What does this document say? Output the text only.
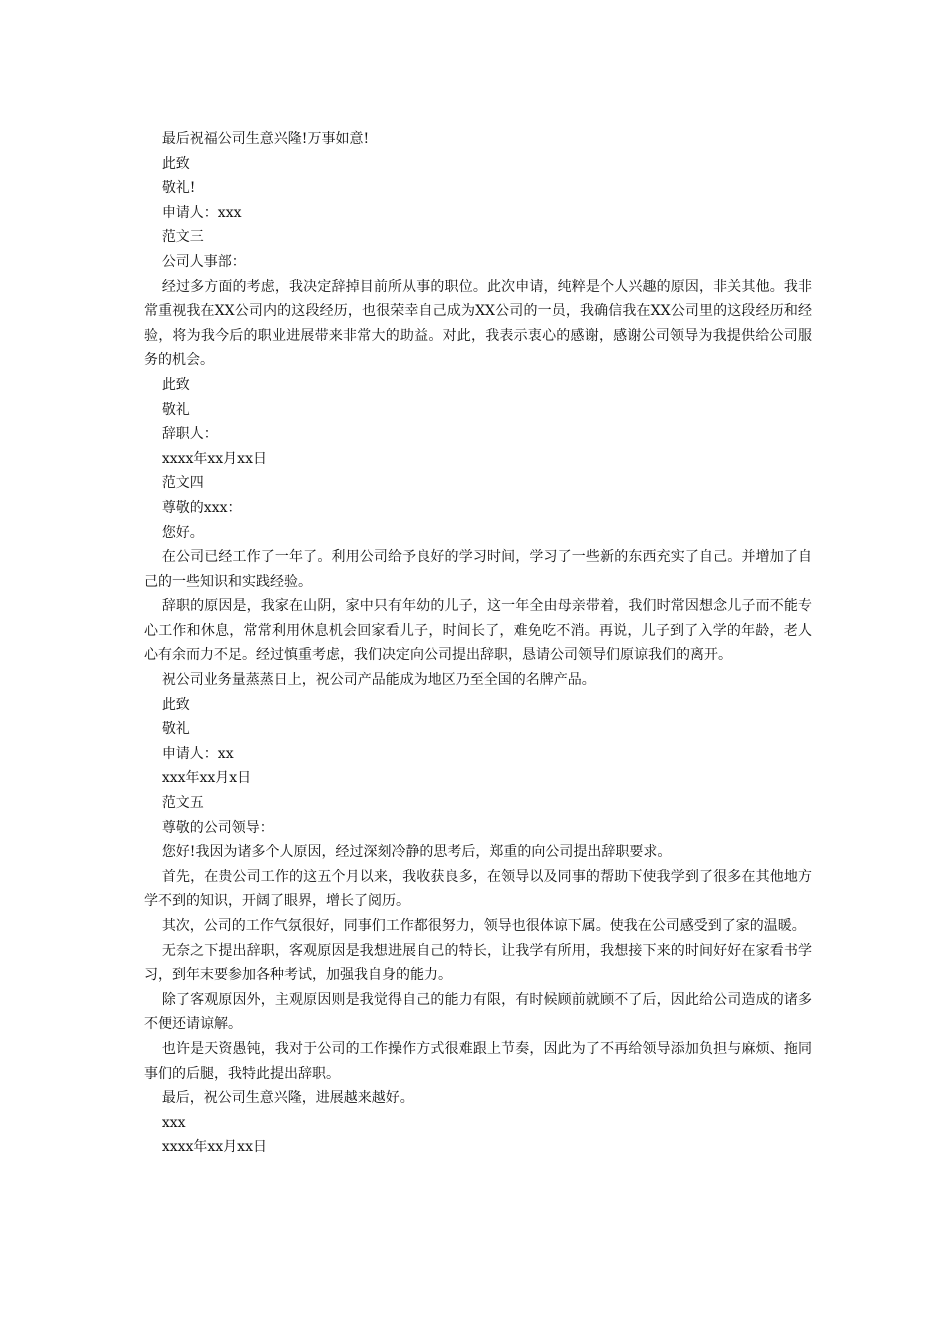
最后祝福公司生意兴隆!万事如意!

此致

敬礼!

申请人：xxx

范文三

公司人事部：

经过多方面的考虑，我决定辞掉目前所从事的职位。此次申请，纯粹是个人兴趣的原因，非关其他。我非常重视我在XX公司内的这段经历，也很荣幸自己成为XX公司的一员，我确信我在XX公司里的这段经历和经验，将为我今后的职业进展带来非常大的助益。对此，我表示衷心的感谢，感谢公司领导为我提供给公司服务的机会。

此致

敬礼

辞职人：

xxxx年xx月xx日

范文四

尊敬的xxx：

您好。

在公司已经工作了一年了。利用公司给予良好的学习时间，学习了一些新的东西充实了自己。并增加了自己的一些知识和实践经验。

辞职的原因是，我家在山阴，家中只有年幼的儿子，这一年全由母亲带着，我们时常因想念儿子而不能专心工作和休息，常常利用休息机会回家看儿子，时间长了，难免吃不消。再说，儿子到了入学的年龄，老人心有余而力不足。经过慎重考虑，我们决定向公司提出辞职，恳请公司领导们原谅我们的离开。

祝公司业务量蒸蒸日上，祝公司产品能成为地区乃至全国的名牌产品。

此致

敬礼

申请人：xx

xxx年xx月x日

范文五

尊敬的公司领导：

您好!我因为诸多个人原因，经过深刻冷静的思考后，郑重的向公司提出辞职要求。

首先，在贵公司工作的这五个月以来，我收获良多，在领导以及同事的帮助下使我学到了很多在其他地方学不到的知识，开阔了眼界，增长了阅历。

其次，公司的工作气氛很好，同事们工作都很努力，领导也很体谅下属。使我在公司感受到了家的温暖。

无奈之下提出辞职，客观原因是我想进展自己的特长，让我学有所用，我想接下来的时间好好在家看书学习，到年末要参加各种考试，加强我自身的能力。

除了客观原因外，主观原因则是我觉得自己的能力有限，有时候顾前就顾不了后，因此给公司造成的诸多不便还请谅解。

也许是天资愚钝，我对于公司的工作操作方式很难跟上节奏，因此为了不再给领导添加负担与麻烦、拖同事们的后腿，我特此提出辞职。

最后，祝公司生意兴隆，进展越来越好。

xxx

xxxx年xx月xx日
